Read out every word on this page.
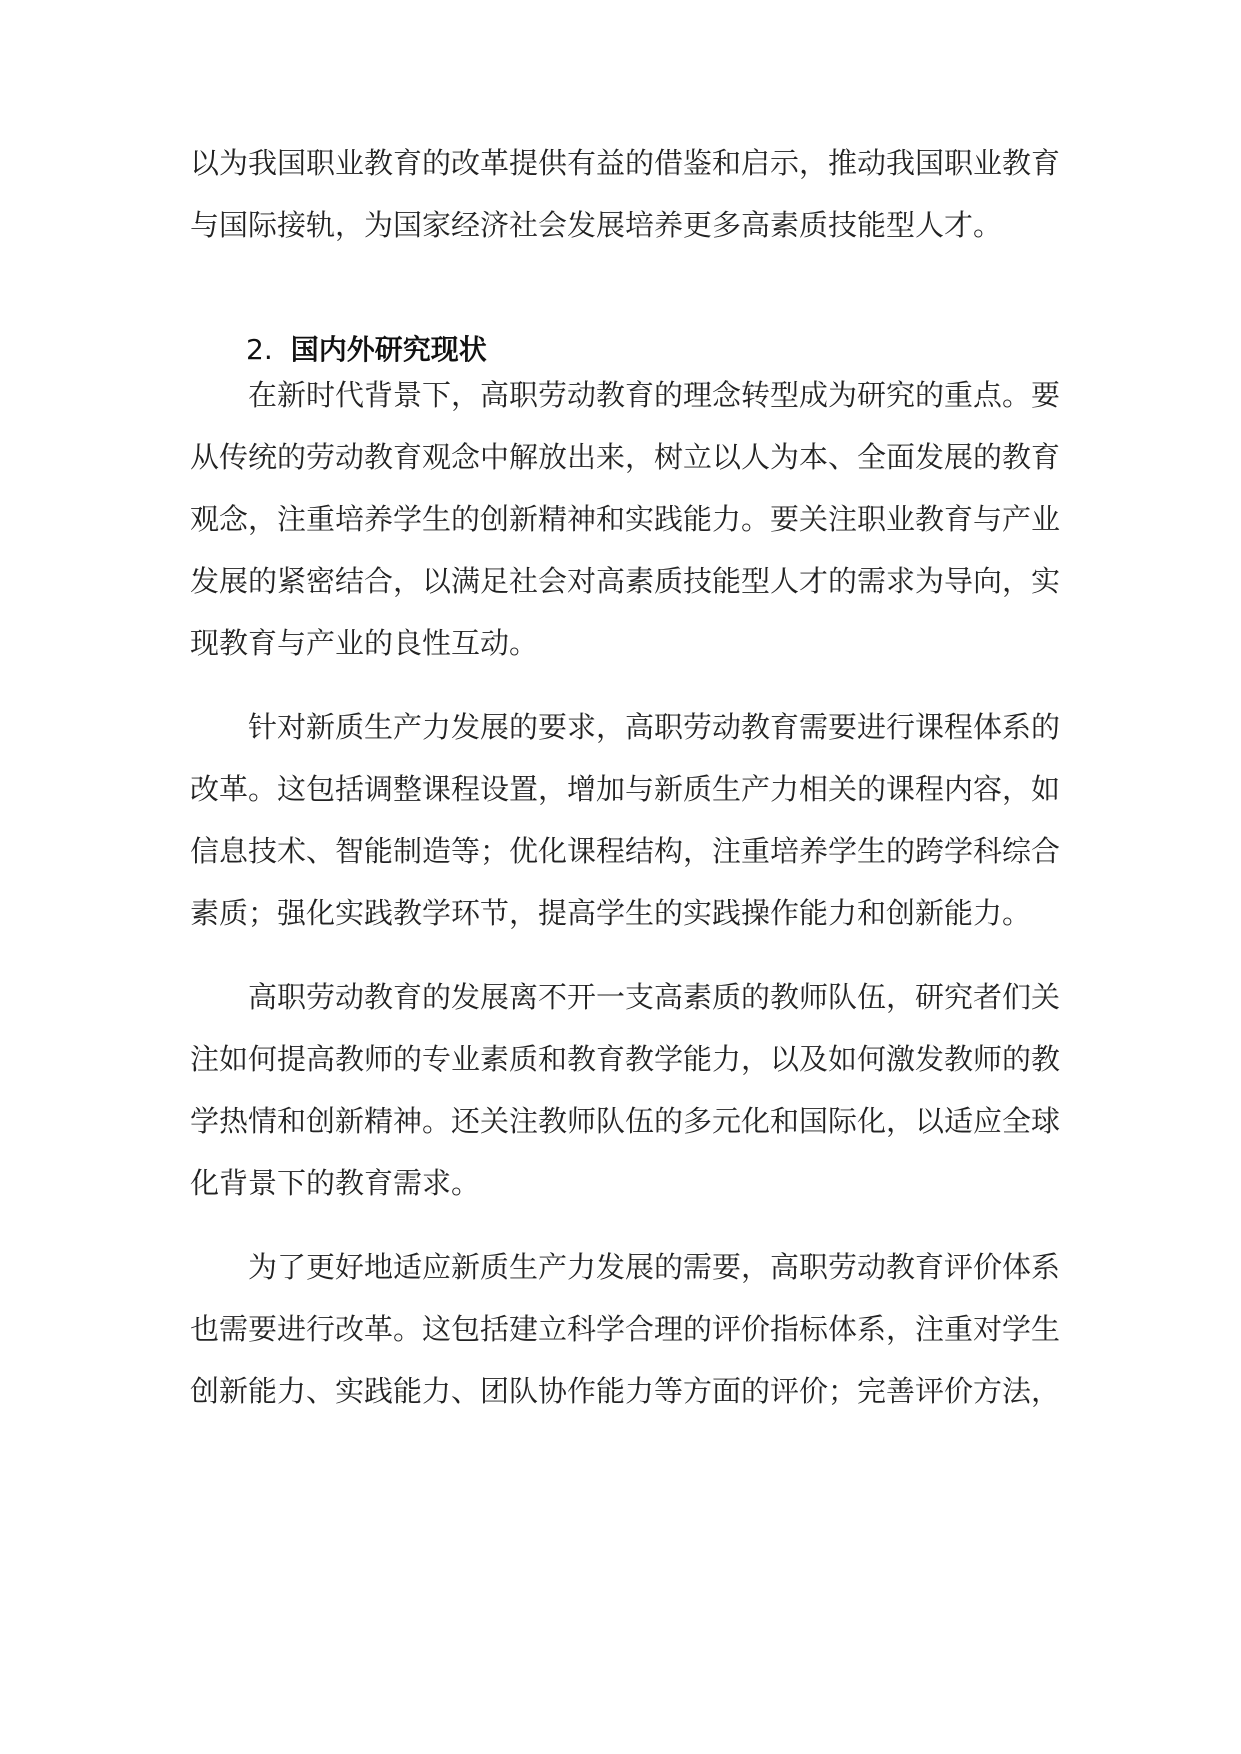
以为我国职业教育的改革提供有益的借鉴和启示，推动我国职业教育
与国际接轨，为国家经济社会发展培养更多高素质技能型人才。
2. 国内外研究现状
在新时代背景下，高职劳动教育的理念转型成为研究的重点。要
从传统的劳动教育观念中解放出来，树立以人为本、全面发展的教育
观念，注重培养学生的创新精神和实践能力。要关注职业教育与产业
发展的紧密结合，以满足社会对高素质技能型人才的需求为导向，实
现教育与产业的良性互动。
针对新质生产力发展的要求，高职劳动教育需要进行课程体系的
改革。这包括调整课程设置，增加与新质生产力相关的课程内容，如
信息技术、智能制造等；优化课程结构，注重培养学生的跨学科综合
素质；强化实践教学环节，提高学生的实践操作能力和创新能力。
高职劳动教育的发展离不开一支高素质的教师队伍，研究者们关
注如何提高教师的专业素质和教育教学能力，以及如何激发教师的教
学热情和创新精神。还关注教师队伍的多元化和国际化，以适应全球
化背景下的教育需求。
为了更好地适应新质生产力发展的需要，高职劳动教育评价体系
也需要进行改革。这包括建立科学合理的评价指标体系，注重对学生
创新能力、实践能力、团队协作能力等方面的评价；完善评价方法，
